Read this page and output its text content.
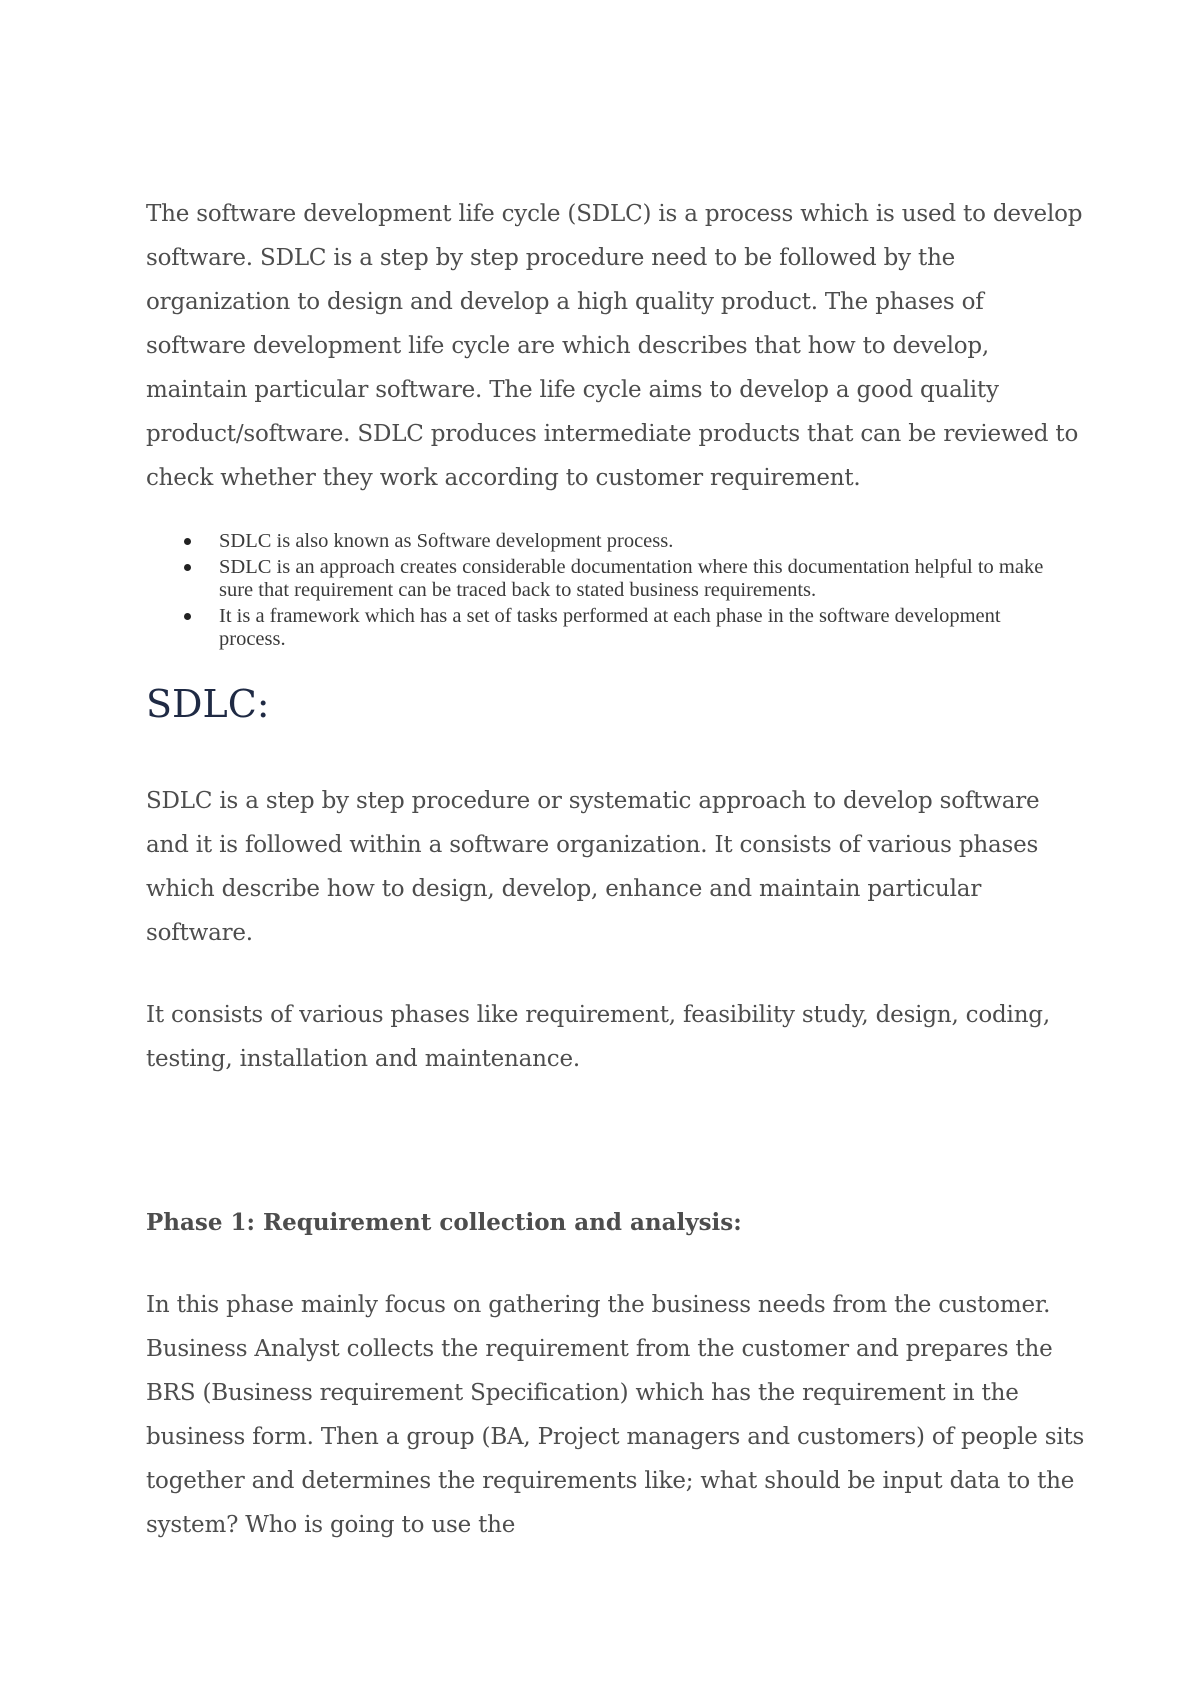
The software development life cycle (SDLC) is a process which is used to develop software. SDLC is a step by step procedure need to be followed by the organization to design and develop a high quality product. The phases of software development life cycle are which describes that how to develop, maintain particular software. The life cycle aims to develop a good quality product/software. SDLC produces intermediate products that can be reviewed to check whether they work according to customer requirement.

SDLC is also known as Software development process.
SDLC is an approach creates considerable documentation where this documentation helpful to make sure that requirement can be traced back to stated business requirements.
It is a framework which has a set of tasks performed at each phase in the software development process.
SDLC:

SDLC is a step by step procedure or systematic approach to develop software and it is followed within a software organization. It consists of various phases which describe how to design, develop, enhance and maintain particular software.

It consists of various phases like requirement, feasibility study, design, coding, testing, installation and maintenance.

Phase 1: Requirement collection and analysis:

In this phase mainly focus on gathering the business needs from the customer. Business Analyst collects the requirement from the customer and prepares the BRS (Business requirement Specification) which has the requirement in the business form. Then a group (BA, Project managers and customers) of people sits together and determines the requirements like; what should be input data to the system? Who is going to use the
